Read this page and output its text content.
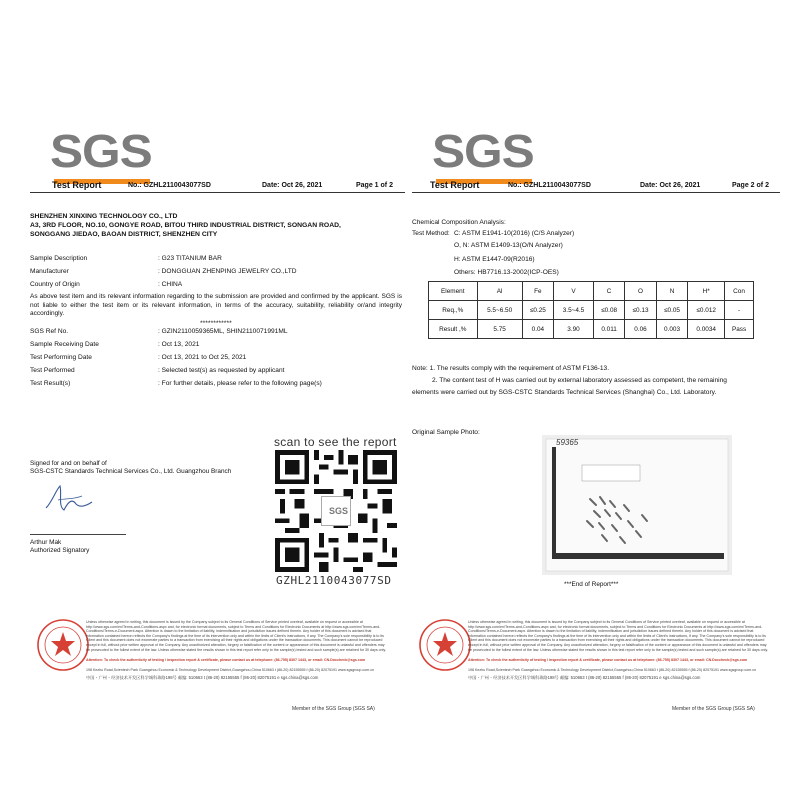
SGS
Test Report	No.: GZHL2110043077SD	Date: Oct 26, 2021	Page 1 of 2
SHENZHEN XINXING TECHNOLOGY CO., LTD
A3, 3RD FLOOR, NO.10, GONGYE ROAD, BITOU THIRD INDUSTRIAL DISTRICT, SONGAN ROAD,
SONGGANG JIEDAO, BAOAN DISTRICT, SHENZHEN CITY
Sample Description	: G23 TITANIUM BAR
Manufacturer	: DONGGUAN ZHENPING JEWELRY CO.,LTD
Country of Origin	: CHINA
As above test item and its relevant information regarding to the submission are provided and confirmed by the applicant. SGS is not liable to either the test item or its relevant information, in terms of the accuracy, suitability, reliability or/and integrity accordingly.
************
SGS Ref No.	: GZIN2110059365ML, SHIN2110071991ML
Sample Receiving Date	: Oct 13, 2021
Test Performing Date	: Oct 13, 2021 to Oct 25, 2021
Test Performed	: Selected test(s) as requested by applicant
Test Result(s)	: For further details, please refer to the following page(s)
scan to see the report
SGS
GZHL2110043077SD
Signed for and on behalf of
SGS-CSTC Standards Technical Services Co., Ltd. Guangzhou Branch
Arthur Mak
Authorized Signatory
Unless otherwise agreed in writing, this document is issued by the Company subject to its General Conditions of Service printed overleaf, available on request or accessible at http://www.sgs.com/en/Terms-and-Conditions.aspx and, for electronic format documents, subject to Terms and Conditions for Electronic Documents at http://www.sgs.com/en/Terms-and-Conditions/Terms-e-Document.aspx. Attention is drawn to the limitation of liability, indemnification and jurisdiction issues defined therein. Any holder of this document is advised that information contained hereon reflects the Company's findings at the time of its intervention only and within the limits of Client's instructions, if any. The Company's sole responsibility is to its Client and this document does not exonerate parties to a transaction from exercising all their rights and obligations under the transaction documents. This document cannot be reproduced except in full, without prior written approval of the Company. Any unauthorized alteration, forgery or falsification of the content or appearance of this document is unlawful and offenders may be prosecuted to the fullest extent of the law. Unless otherwise stated the results shown in this test report refer only to the sample(s) tested and such sample(s) are retained for 30 days only.
Attention: To check the authenticity of testing / inspection report & certificate, please contact us at telephone: (86-755) 8307 1443, or email: CN.Doccheck@sgs.com
198 Kezhu Road,Scientech Park Guangzhou Economic & Technology Development District,Guangzhou,China 510663 t (86-20) 82155555 f (86-20) 82075191 www.sgsgroup.com.cn
中国・广州・经济技术开发区科学城科珠路198号 邮编: 510663 t (86-20) 82155555 f (86-20) 82075191 e sgs.china@sgs.com
Member of the SGS Group (SGS SA)
SGS
Test Report	No.: GZHL2110043077SD	Date: Oct 26, 2021	Page 2 of 2
Chemical Composition Analysis:
Test Method: C: ASTM E1941-10(2016) (C/S Analyzer)
O, N: ASTM E1409-13(O/N Analyzer)
H: ASTM E1447-09(R2016)
Others: HB7716.13-2002(ICP-OES)
Element	Al	Fe	V	C	O	N	H*	Con
Req.,%	5.5~6.50	≤0.25	3.5~4.5	≤0.08	≤0.13	≤0.05	≤0.012	-
Result ,%	5.75	0.04	3.90	0.011	0.06	0.003	0.0034	Pass
Note: 1. The results comply with the requirement of ASTM F136-13.
2. The content test of H was carried out by external laboratory assessed as competent, the remaining
elements were carried out by SGS-CSTC Standards Technical Services (Shanghai) Co., Ltd. Laboratory.
Original Sample Photo:
59365
***End of Report***
Unless otherwise agreed in writing, this document is issued by the Company subject to its General Conditions of Service printed overleaf, available on request or accessible at http://www.sgs.com/en/Terms-and-Conditions.aspx and, for electronic format documents, subject to Terms and Conditions for Electronic Documents at http://www.sgs.com/en/Terms-and-Conditions/Terms-e-Document.aspx. Attention is drawn to the limitation of liability, indemnification and jurisdiction issues defined therein. Any holder of this document is advised that information contained hereon reflects the Company's findings at the time of its intervention only and within the limits of Client's instructions, if any. The Company's sole responsibility is to its Client and this document does not exonerate parties to a transaction from exercising all their rights and obligations under the transaction documents. This document cannot be reproduced except in full, without prior written approval of the Company. Any unauthorized alteration, forgery or falsification of the content or appearance of this document is unlawful and offenders may be prosecuted to the fullest extent of the law. Unless otherwise stated the results shown in this test report refer only to the sample(s) tested and such sample(s) are retained for 30 days only.
Attention: To check the authenticity of testing / inspection report & certificate, please contact us at telephone: (86-755) 8307 1443, or email: CN.Doccheck@sgs.com
198 Kezhu Road,Scientech Park Guangzhou Economic & Technology Development District,Guangzhou,China 510663 t (86-20) 82155555 f (86-20) 82075191 www.sgsgroup.com.cn
中国・广州・经济技术开发区科学城科珠路198号 邮编: 510663 t (86-20) 82155555 f (86-20) 82075191 e sgs.china@sgs.com
Member of the SGS Group (SGS SA)
